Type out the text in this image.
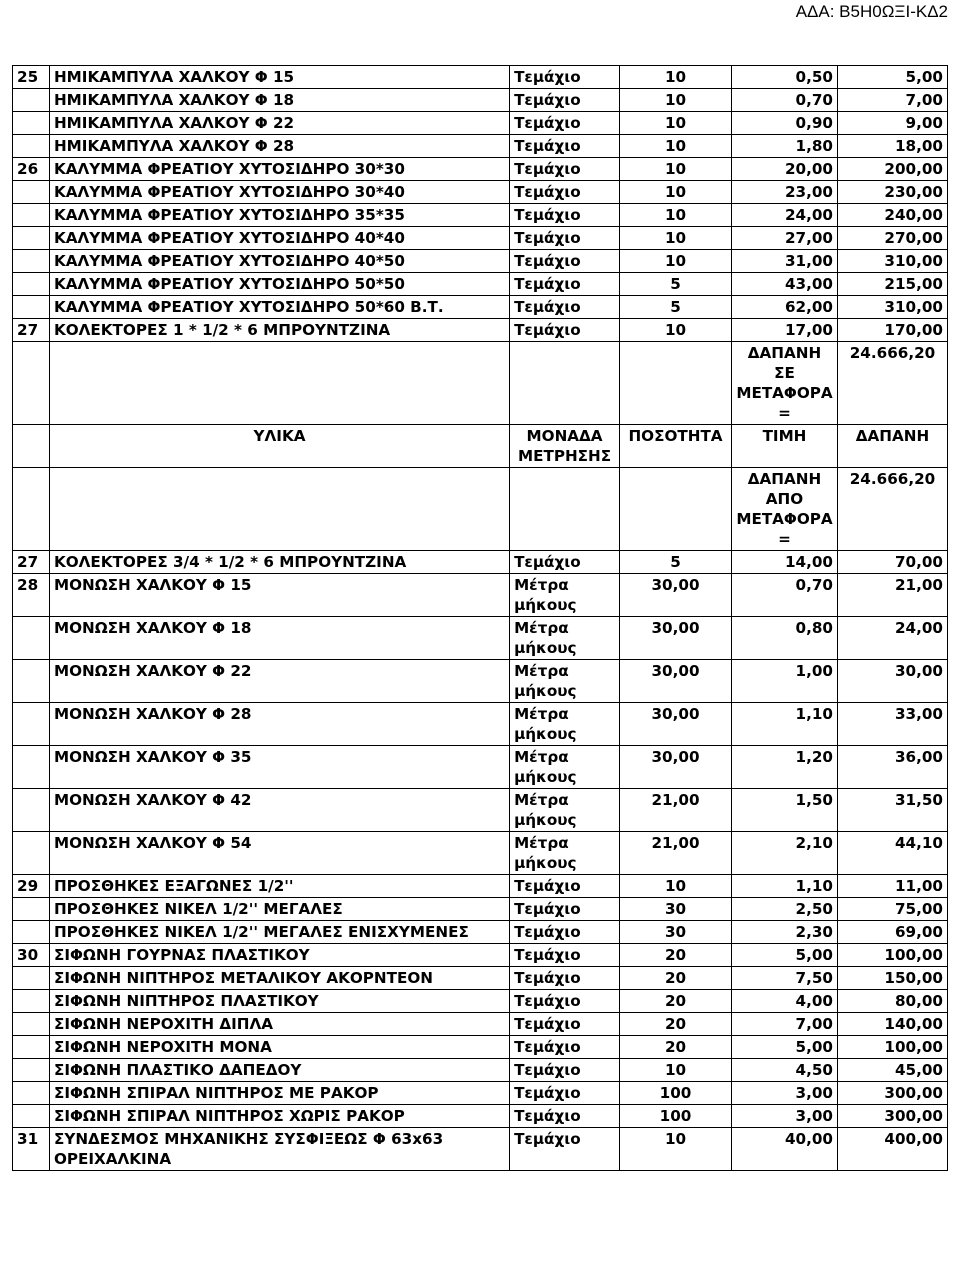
ΑΔΑ: Β5Η0ΩΞΙ-ΚΔ2
25	ΗΜΙΚΑΜΠΥΛΑ ΧΑΛΚΟΥ Φ 15	Τεμάχιο	10	0,50	5,00
	ΗΜΙΚΑΜΠΥΛΑ ΧΑΛΚΟΥ Φ 18	Τεμάχιο	10	0,70	7,00
	ΗΜΙΚΑΜΠΥΛΑ ΧΑΛΚΟΥ Φ 22	Τεμάχιο	10	0,90	9,00
	ΗΜΙΚΑΜΠΥΛΑ ΧΑΛΚΟΥ Φ 28	Τεμάχιο	10	1,80	18,00
26	ΚΑΛΥΜΜΑ ΦΡΕΑΤΙΟΥ ΧΥΤΟΣΙΔΗΡΟ 30*30	Τεμάχιο	10	20,00	200,00
	ΚΑΛΥΜΜΑ ΦΡΕΑΤΙΟΥ ΧΥΤΟΣΙΔΗΡΟ 30*40	Τεμάχιο	10	23,00	230,00
	ΚΑΛΥΜΜΑ ΦΡΕΑΤΙΟΥ ΧΥΤΟΣΙΔΗΡΟ 35*35	Τεμάχιο	10	24,00	240,00
	ΚΑΛΥΜΜΑ ΦΡΕΑΤΙΟΥ ΧΥΤΟΣΙΔΗΡΟ 40*40	Τεμάχιο	10	27,00	270,00
	ΚΑΛΥΜΜΑ ΦΡΕΑΤΙΟΥ ΧΥΤΟΣΙΔΗΡΟ 40*50	Τεμάχιο	10	31,00	310,00
	ΚΑΛΥΜΜΑ ΦΡΕΑΤΙΟΥ ΧΥΤΟΣΙΔΗΡΟ 50*50	Τεμάχιο	5	43,00	215,00
	ΚΑΛΥΜΜΑ ΦΡΕΑΤΙΟΥ ΧΥΤΟΣΙΔΗΡΟ 50*60 Β.Τ.	Τεμάχιο	5	62,00	310,00
27	ΚΟΛΕΚΤΟΡΕΣ 1 * 1/2 * 6 ΜΠΡΟΥΝΤΖΙΝΑ	Τεμάχιο	10	17,00	170,00
				ΔΑΠΑΝΗ ΣΕ ΜΕΤΑΦΟΡΑ =	24.666,20
	ΥΛΙΚΑ	ΜΟΝΑΔΑ ΜΕΤΡΗΣΗΣ	ΠΟΣΟΤΗΤΑ	ΤΙΜΗ	ΔΑΠΑΝΗ
				ΔΑΠΑΝΗ ΑΠΟ ΜΕΤΑΦΟΡΑ =	24.666,20
27	ΚΟΛΕΚΤΟΡΕΣ 3/4 * 1/2 * 6 ΜΠΡΟΥΝΤΖΙΝΑ	Τεμάχιο	5	14,00	70,00
28	ΜΟΝΩΣΗ ΧΑΛΚΟΥ Φ 15	Μέτρα μήκους	30,00	0,70	21,00
	ΜΟΝΩΣΗ ΧΑΛΚΟΥ Φ 18	Μέτρα μήκους	30,00	0,80	24,00
	ΜΟΝΩΣΗ ΧΑΛΚΟΥ Φ 22	Μέτρα μήκους	30,00	1,00	30,00
	ΜΟΝΩΣΗ ΧΑΛΚΟΥ Φ 28	Μέτρα μήκους	30,00	1,10	33,00
	ΜΟΝΩΣΗ ΧΑΛΚΟΥ Φ 35	Μέτρα μήκους	30,00	1,20	36,00
	ΜΟΝΩΣΗ ΧΑΛΚΟΥ Φ 42	Μέτρα μήκους	21,00	1,50	31,50
	ΜΟΝΩΣΗ ΧΑΛΚΟΥ Φ 54	Μέτρα μήκους	21,00	2,10	44,10
29	ΠΡΟΣΘΗΚΕΣ ΕΞΑΓΩΝΕΣ 1/2''	Τεμάχιο	10	1,10	11,00
	ΠΡΟΣΘΗΚΕΣ ΝΙΚΕΛ 1/2'' ΜΕΓΑΛΕΣ	Τεμάχιο	30	2,50	75,00
	ΠΡΟΣΘΗΚΕΣ ΝΙΚΕΛ 1/2'' ΜΕΓΑΛΕΣ ΕΝΙΣΧΥΜΕΝΕΣ	Τεμάχιο	30	2,30	69,00
30	ΣΙΦΩΝΗ ΓΟΥΡΝΑΣ ΠΛΑΣΤΙΚΟΥ	Τεμάχιο	20	5,00	100,00
	ΣΙΦΩΝΗ ΝΙΠΤΗΡΟΣ ΜΕΤΑΛΙΚΟΥ ΑΚΟΡΝΤΕΟΝ	Τεμάχιο	20	7,50	150,00
	ΣΙΦΩΝΗ ΝΙΠΤΗΡΟΣ ΠΛΑΣΤΙΚΟΥ	Τεμάχιο	20	4,00	80,00
	ΣΙΦΩΝΗ ΝΕΡΟΧΙΤΗ ΔΙΠΛΑ	Τεμάχιο	20	7,00	140,00
	ΣΙΦΩΝΗ ΝΕΡΟΧΙΤΗ ΜΟΝΑ	Τεμάχιο	20	5,00	100,00
	ΣΙΦΩΝΗ ΠΛΑΣΤΙΚΟ ΔΑΠΕΔΟΥ	Τεμάχιο	10	4,50	45,00
	ΣΙΦΩΝΗ ΣΠΙΡΑΛ ΝΙΠΤΗΡΟΣ ΜΕ ΡΑΚΟΡ	Τεμάχιο	100	3,00	300,00
	ΣΙΦΩΝΗ ΣΠΙΡΑΛ ΝΙΠΤΗΡΟΣ ΧΩΡΙΣ ΡΑΚΟΡ	Τεμάχιο	100	3,00	300,00
31	ΣΥΝΔΕΣΜΟΣ ΜΗΧΑΝΙΚΗΣ ΣΥΣΦΙΞΕΩΣ Φ 63x63 ΟΡΕΙΧΑΛΚΙΝΑ	Τεμάχιο	10	40,00	400,00
